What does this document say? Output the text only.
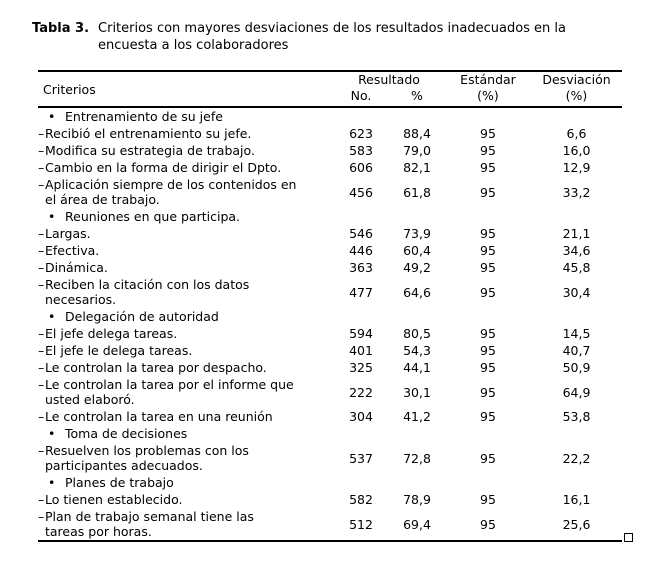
Tabla 3. Criterios con mayores desviaciones de los resultados inadecuados en la
encuesta a los colaboradores
Criterios	Resultado		Estándar	Desviación
	No.	%	(%)	(%)

• Entrenamiento de su jefe				

– Recibió el entrenamiento su jefe.	623	88,4	95	6,6

– Modifica su estrategia de trabajo.	583	79,0	95	16,0

– Cambio en la forma de dirigir el Dpto.	606	82,1	95	12,9

– Aplicación siempre de los contenidos en
el área de trabajo.	456	61,8	95	33,2

• Reuniones en que participa.				

– Largas.	546	73,9	95	21,1

– Efectiva.	446	60,4	95	34,6

– Dinámica.	363	49,2	95	45,8

– Reciben la citación con los datos
necesarios.	477	64,6	95	30,4

• Delegación de autoridad				

– El jefe delega tareas.	594	80,5	95	14,5

– El jefe le delega tareas.	401	54,3	95	40,7

– Le controlan la tarea por despacho.	325	44,1	95	50,9

– Le controlan la tarea por el informe que
usted elaboró.	222	30,1	95	64,9

– Le controlan la tarea en una reunión	304	41,2	95	53,8

• Toma de decisiones				

– Resuelven los problemas con los
participantes adecuados.	537	72,8	95	22,2

• Planes de trabajo				

– Lo tienen establecido.	582	78,9	95	16,1

– Plan de trabajo semanal tiene las
tareas por horas.	512	69,4	95	25,6
